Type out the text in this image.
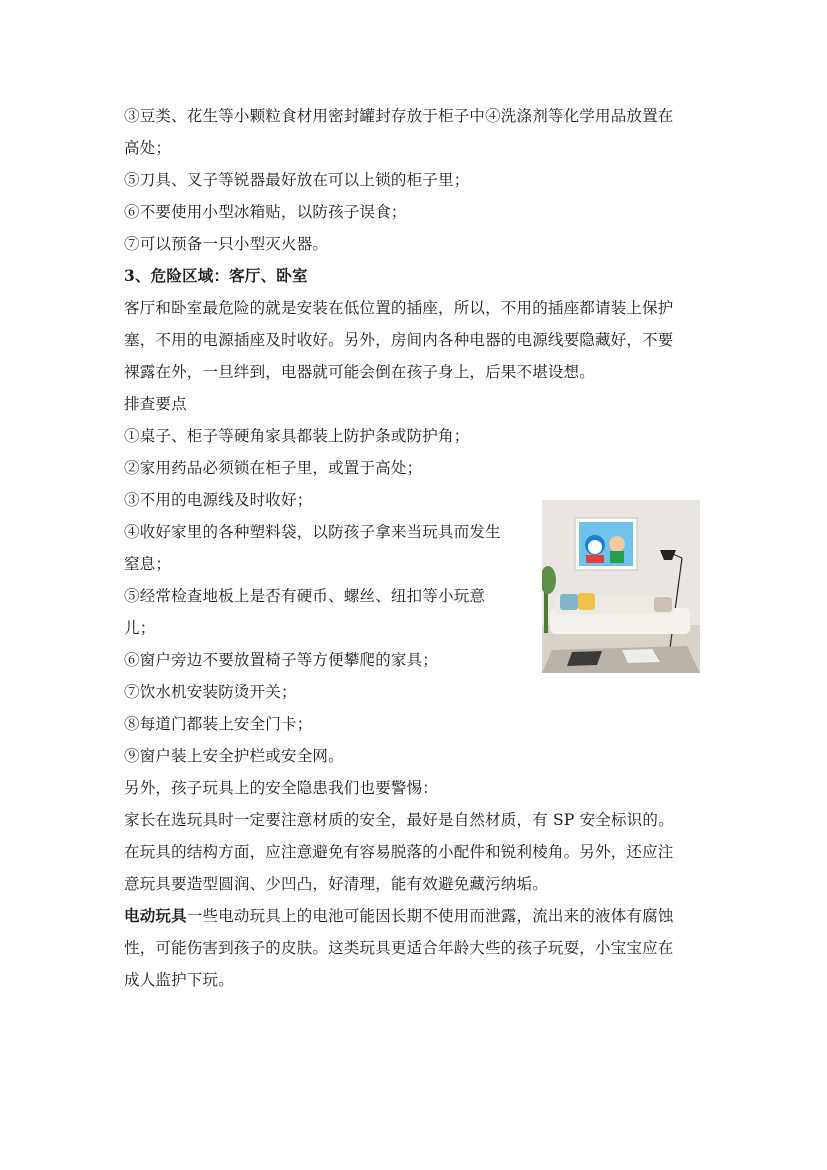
③豆类、花生等小颗粒食材用密封罐封存放于柜子中④洗涤剂等化学用品放置在
高处；
⑤刀具、叉子等锐器最好放在可以上锁的柜子里；
⑥不要使用小型冰箱贴，以防孩子误食；
⑦可以预备一只小型灭火器。
3、危险区域：客厅、卧室
客厅和卧室最危险的就是安装在低位置的插座，所以，不用的插座都请装上保护
塞，不用的电源插座及时收好。另外，房间内各种电器的电源线要隐藏好，不要
裸露在外，一旦绊到，电器就可能会倒在孩子身上，后果不堪设想。
排查要点
①桌子、柜子等硬角家具都装上防护条或防护角；
②家用药品必须锁在柜子里，或置于高处；
③不用的电源线及时收好；
④收好家里的各种塑料袋，以防孩子拿来当玩具而发生
窒息；
⑤经常检查地板上是否有硬币、螺丝、纽扣等小玩意
儿；
⑥窗户旁边不要放置椅子等方便攀爬的家具；
⑦饮水机安装防烫开关；
⑧每道门都装上安全门卡；
⑨窗户装上安全护栏或安全网。
另外，孩子玩具上的安全隐患我们也要警惕：
家长在选玩具时一定要注意材质的安全，最好是自然材质，有 SP 安全标识的。
在玩具的结构方面，应注意避免有容易脱落的小配件和锐利棱角。另外，还应注
意玩具要造型圆润、少凹凸，好清理，能有效避免藏污纳垢。
电动玩具一些电动玩具上的电池可能因长期不使用而泄露，流出来的液体有腐蚀
性，可能伤害到孩子的皮肤。这类玩具更适合年龄大些的孩子玩耍，小宝宝应在
成人监护下玩。
